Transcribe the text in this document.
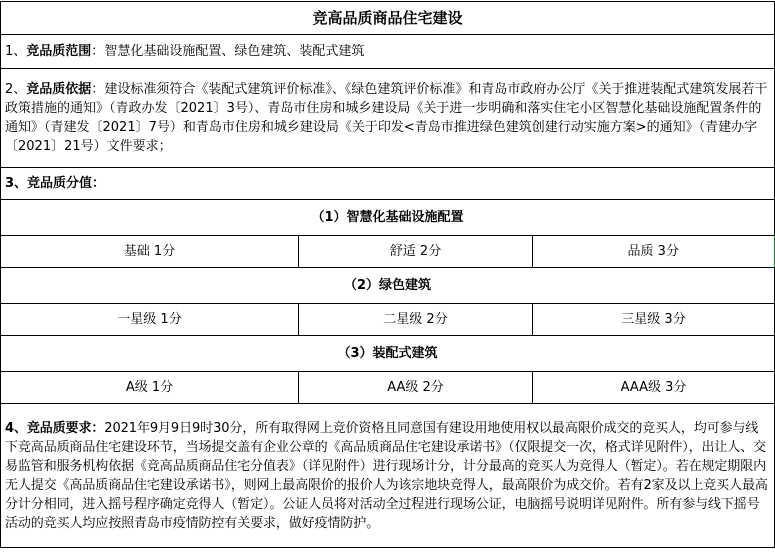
竞高品质商品住宅建设		
1、竞品质范围：智慧化基础设施配置、绿色建筑、装配式建筑		
2、竞品质依据：建设标准须符合《装配式建筑评价标准》、《绿色建筑评价标准》和青岛市政府办公厅《关于推进装配式建筑发展若干政策措施的通知》（青政办发〔2021〕3号）、青岛市住房和城乡建设局《关于进一步明确和落实住宅小区智慧化基础设施配置条件的通知》（青建发〔2021〕7号）和青岛市住房和城乡建设局《关于印发<青岛市推进绿色建筑创建行动实施方案>的通知》（青建办字〔2021〕21号）文件要求；		
3、竞品质分值：		
（1）智慧化基础设施配置		
基础 1分	舒适 2分	品质 3分
（2）绿色建筑		
一星级 1分	二星级 2分	三星级 3分
（3）装配式建筑		
A级 1分	AA级 2分	AAA级 3分
4、竞品质要求：2021年9月9日9时30分，所有取得网上竞价资格且同意国有建设用地使用权以最高限价成交的竞买人，均可参与线下竞高品质商品住宅建设环节，当场提交盖有企业公章的《高品质商品住宅建设承诺书》（仅限提交一次，格式详见附件），出让人、交易监管和服务机构依据《竞高品质商品住宅分值表》（详见附件）进行现场计分，计分最高的竞买人为竞得人（暂定）。若在规定期限内无人提交《高品质商品住宅建设承诺书》，则网上最高限价的报价人为该宗地块竞得人，最高限价为成交价。若有2家及以上竞买人最高分计分相同，进入摇号程序确定竞得人（暂定）。公证人员将对活动全过程进行现场公证，电脑摇号说明详见附件。所有参与线下摇号活动的竞买人均应按照青岛市疫情防控有关要求，做好疫情防护。		
